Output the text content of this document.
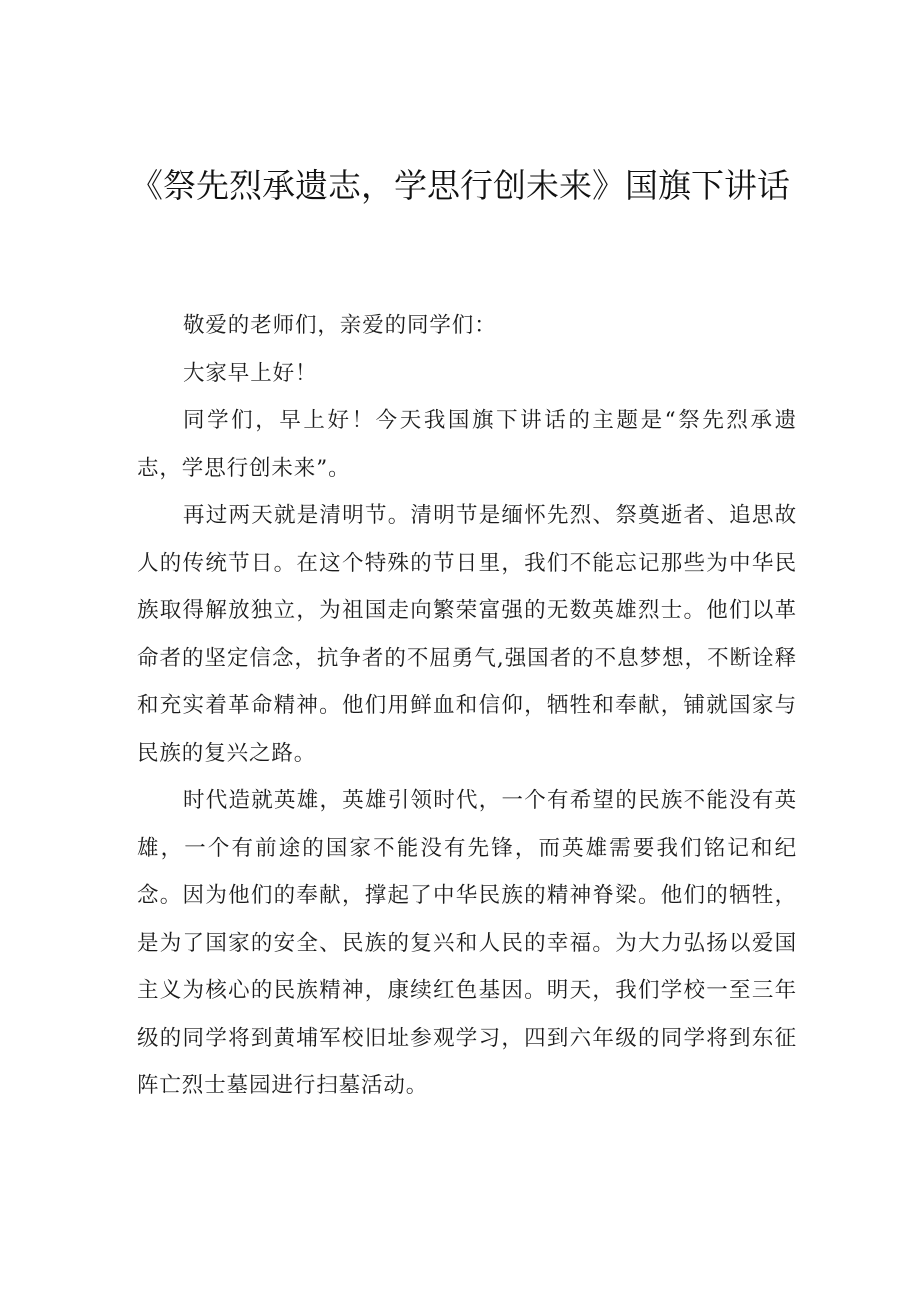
《祭先烈承遗志，学思行创未来》国旗下讲话

敬爱的老师们，亲爱的同学们：

大家早上好！

同学们，早上好！今天我国旗下讲话的主题是“祭先烈承遗志，学思行创未来”。

再过两天就是清明节。清明节是缅怀先烈、祭奠逝者、追思故人的传统节日。在这个特殊的节日里，我们不能忘记那些为中华民族取得解放独立，为祖国走向繁荣富强的无数英雄烈士。他们以革命者的坚定信念，抗争者的不屈勇气,强国者的不息梦想，不断诠释和充实着革命精神。他们用鲜血和信仰，牺牲和奉献，铺就国家与民族的复兴之路。

时代造就英雄，英雄引领时代，一个有希望的民族不能没有英雄，一个有前途的国家不能没有先锋，而英雄需要我们铭记和纪念。因为他们的奉献，撑起了中华民族的精神脊梁。他们的牺牲，是为了国家的安全、民族的复兴和人民的幸福。为大力弘扬以爱国主义为核心的民族精神，康续红色基因。明天，我们学校一至三年级的同学将到黄埔军校旧址参观学习，四到六年级的同学将到东征阵亡烈士墓园进行扫墓活动。
